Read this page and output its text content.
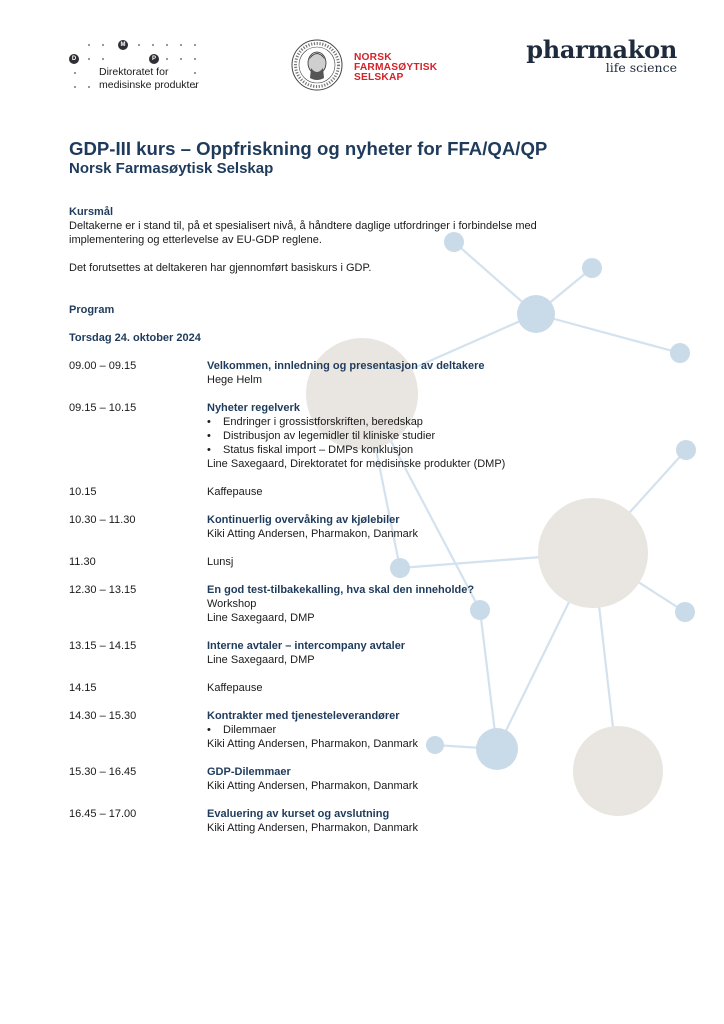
M
D	P
Direktoratet for
medisinske produkter
NORSK
FARMASØYTISK
SELSKAP
pharmakon
life science
GDP-III kurs – Oppfriskning og nyheter for FFA/QA/QP
Norsk Farmasøytisk Selskap
Kursmål
Deltakerne er i stand til, på et spesialisert nivå, å håndtere daglige utfordringer i forbindelse med
implementering og etterlevelse av EU-GDP reglene.
Det forutsettes at deltakeren har gjennomført basiskurs i GDP.
Program
Torsdag 24. oktober 2024
09.00 – 09.15	Velkommen, innledning og presentasjon av deltakere
Hege Helm
09.15 – 10.15	Nyheter regelverk
• Endringer i grossistforskriften, beredskap
• Distribusjon av legemidler til kliniske studier
• Status fiskal import – DMPs konklusjon
Line Saxegaard, Direktoratet for medisinske produkter (DMP)
10.15	Kaffepause
10.30 – 11.30	Kontinuerlig overvåking av kjølebiler
Kiki Atting Andersen, Pharmakon, Danmark
11.30	Lunsj
12.30 – 13.15	En god test-tilbakekalling, hva skal den inneholde?
Workshop
Line Saxegaard, DMP
13.15 – 14.15	Interne avtaler – intercompany avtaler
Line Saxegaard, DMP
14.15	Kaffepause
14.30 – 15.30	Kontrakter med tjenesteleverandører
• Dilemmaer
Kiki Atting Andersen, Pharmakon, Danmark
15.30 – 16.45	GDP-Dilemmaer
Kiki Atting Andersen, Pharmakon, Danmark
16.45 – 17.00	Evaluering av kurset og avslutning
Kiki Atting Andersen, Pharmakon, Danmark
